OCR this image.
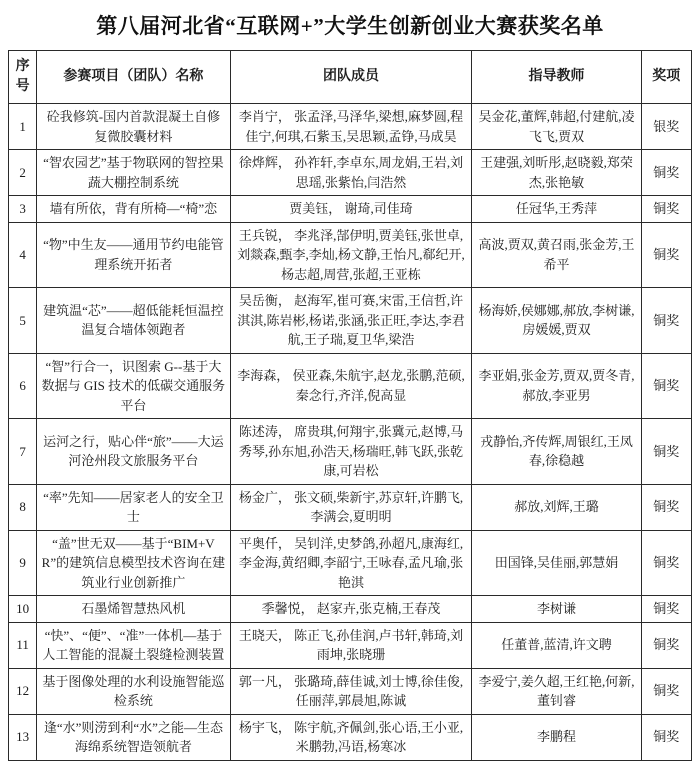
第八届河北省“互联网+”大学生创新创业大赛获奖名单
序号	参赛项目（团队）名称	团队成员	指导教师	奖项
1	砼我修筑-国内首款混凝土自修复微胶囊材料	李肖宁， 张孟泽,马泽华,梁想,麻梦圆,程佳宁,何琪,石紫玉,吴思颖,孟铮,马成昊	吴金花,董辉,韩超,付建航,凌飞飞,贾双	银奖
2	“智农园艺”基于物联网的智控果蔬大棚控制系统	徐烨辉， 孙祚轩,李卓东,周龙娟,王岩,刘思瑶,张紫怡,闫浩然	王建强,刘昕彤,赵晓毅,郑荣杰,张艳敏	铜奖
3	墙有所依，背有所椅—“椅”恋	贾美钰， 谢琦,司佳琦	任冠华,王秀萍	铜奖
4	“物”中生友——通用节约电能管理系统开拓者	王兵锐， 李兆泽,郜伊明,贾美钰,张世卓,刘燚森,甄李,李灿,杨文静,王怡凡,郗纪开,杨志超,周营,张超,王亚栋	高波,贾双,黄召雨,张金芳,王希平	铜奖
5	建筑温“芯”——超低能耗恒温控温复合墙体领跑者	吴岳衡， 赵海军,崔可赛,宋雷,王信哲,许淇淇,陈岩彬,杨诺,张涵,张正旺,李达,李君航,王子瑞,夏卫华,梁浩	杨海娇,侯娜娜,郝放,李树谦,房媛媛,贾双	铜奖
6	“智”行合一，识图索 G--基于大数据与 GIS 技术的低碳交通服务平台	李海森， 侯亚森,朱航宇,赵龙,张鹏,范硕,秦念行,齐洋,倪高显	李亚娟,张金芳,贾双,贾冬青,郝放,李亚男	铜奖
7	运河之行，贴心伴“旅”——大运河沧州段文旅服务平台	陈述涛， 席贵琪,何翔宇,张冀元,赵博,马秀琴,孙东旭,孙浩天,杨瑞旺,韩飞跃,张乾康,可岩松	戎静怡,齐传辉,周银红,王凤春,徐稳越	铜奖
8	“率”先知——居家老人的安全卫士	杨金广， 张文硕,柴新宇,苏京轩,许鹏飞,李满会,夏明明	郝放,刘辉,王璐	铜奖
9	“盖”世无双——基于“BIM+VR”的建筑信息模型技术咨询在建筑业行业创新推广	平奥仟， 吴钊洋,史梦鸽,孙超凡,康海红,李金海,黄绍卿,李韶宁,王咏春,孟凡瑜,张艳淇	田国锋,吴佳丽,郭慧娟	铜奖
10	石墨烯智慧热风机	季馨悦， 赵家卉,张克楠,王春茂	李树谦	铜奖
11	“快”、“便”、“准”一体机—基于人工智能的混凝土裂缝检测装置	王晓天， 陈正飞,孙佳润,卢书轩,韩琦,刘雨坤,张晓珊	任董普,蓝清,许文聘	铜奖
12	基于图像处理的水利设施智能巡检系统	郭一凡， 张璐琦,薛佳诚,刘士博,徐佳俊,任丽萍,郭晨旭,陈诚	李爱宁,姜久超,王红艳,何新,董钊睿	铜奖
13	逢“水”则涝到利“水”之能—生态海绵系统智造领航者	杨宇飞， 陈宇航,齐佩剑,张心语,王小亚,米鹏勃,冯语,杨寒冰	李鹏程	铜奖
